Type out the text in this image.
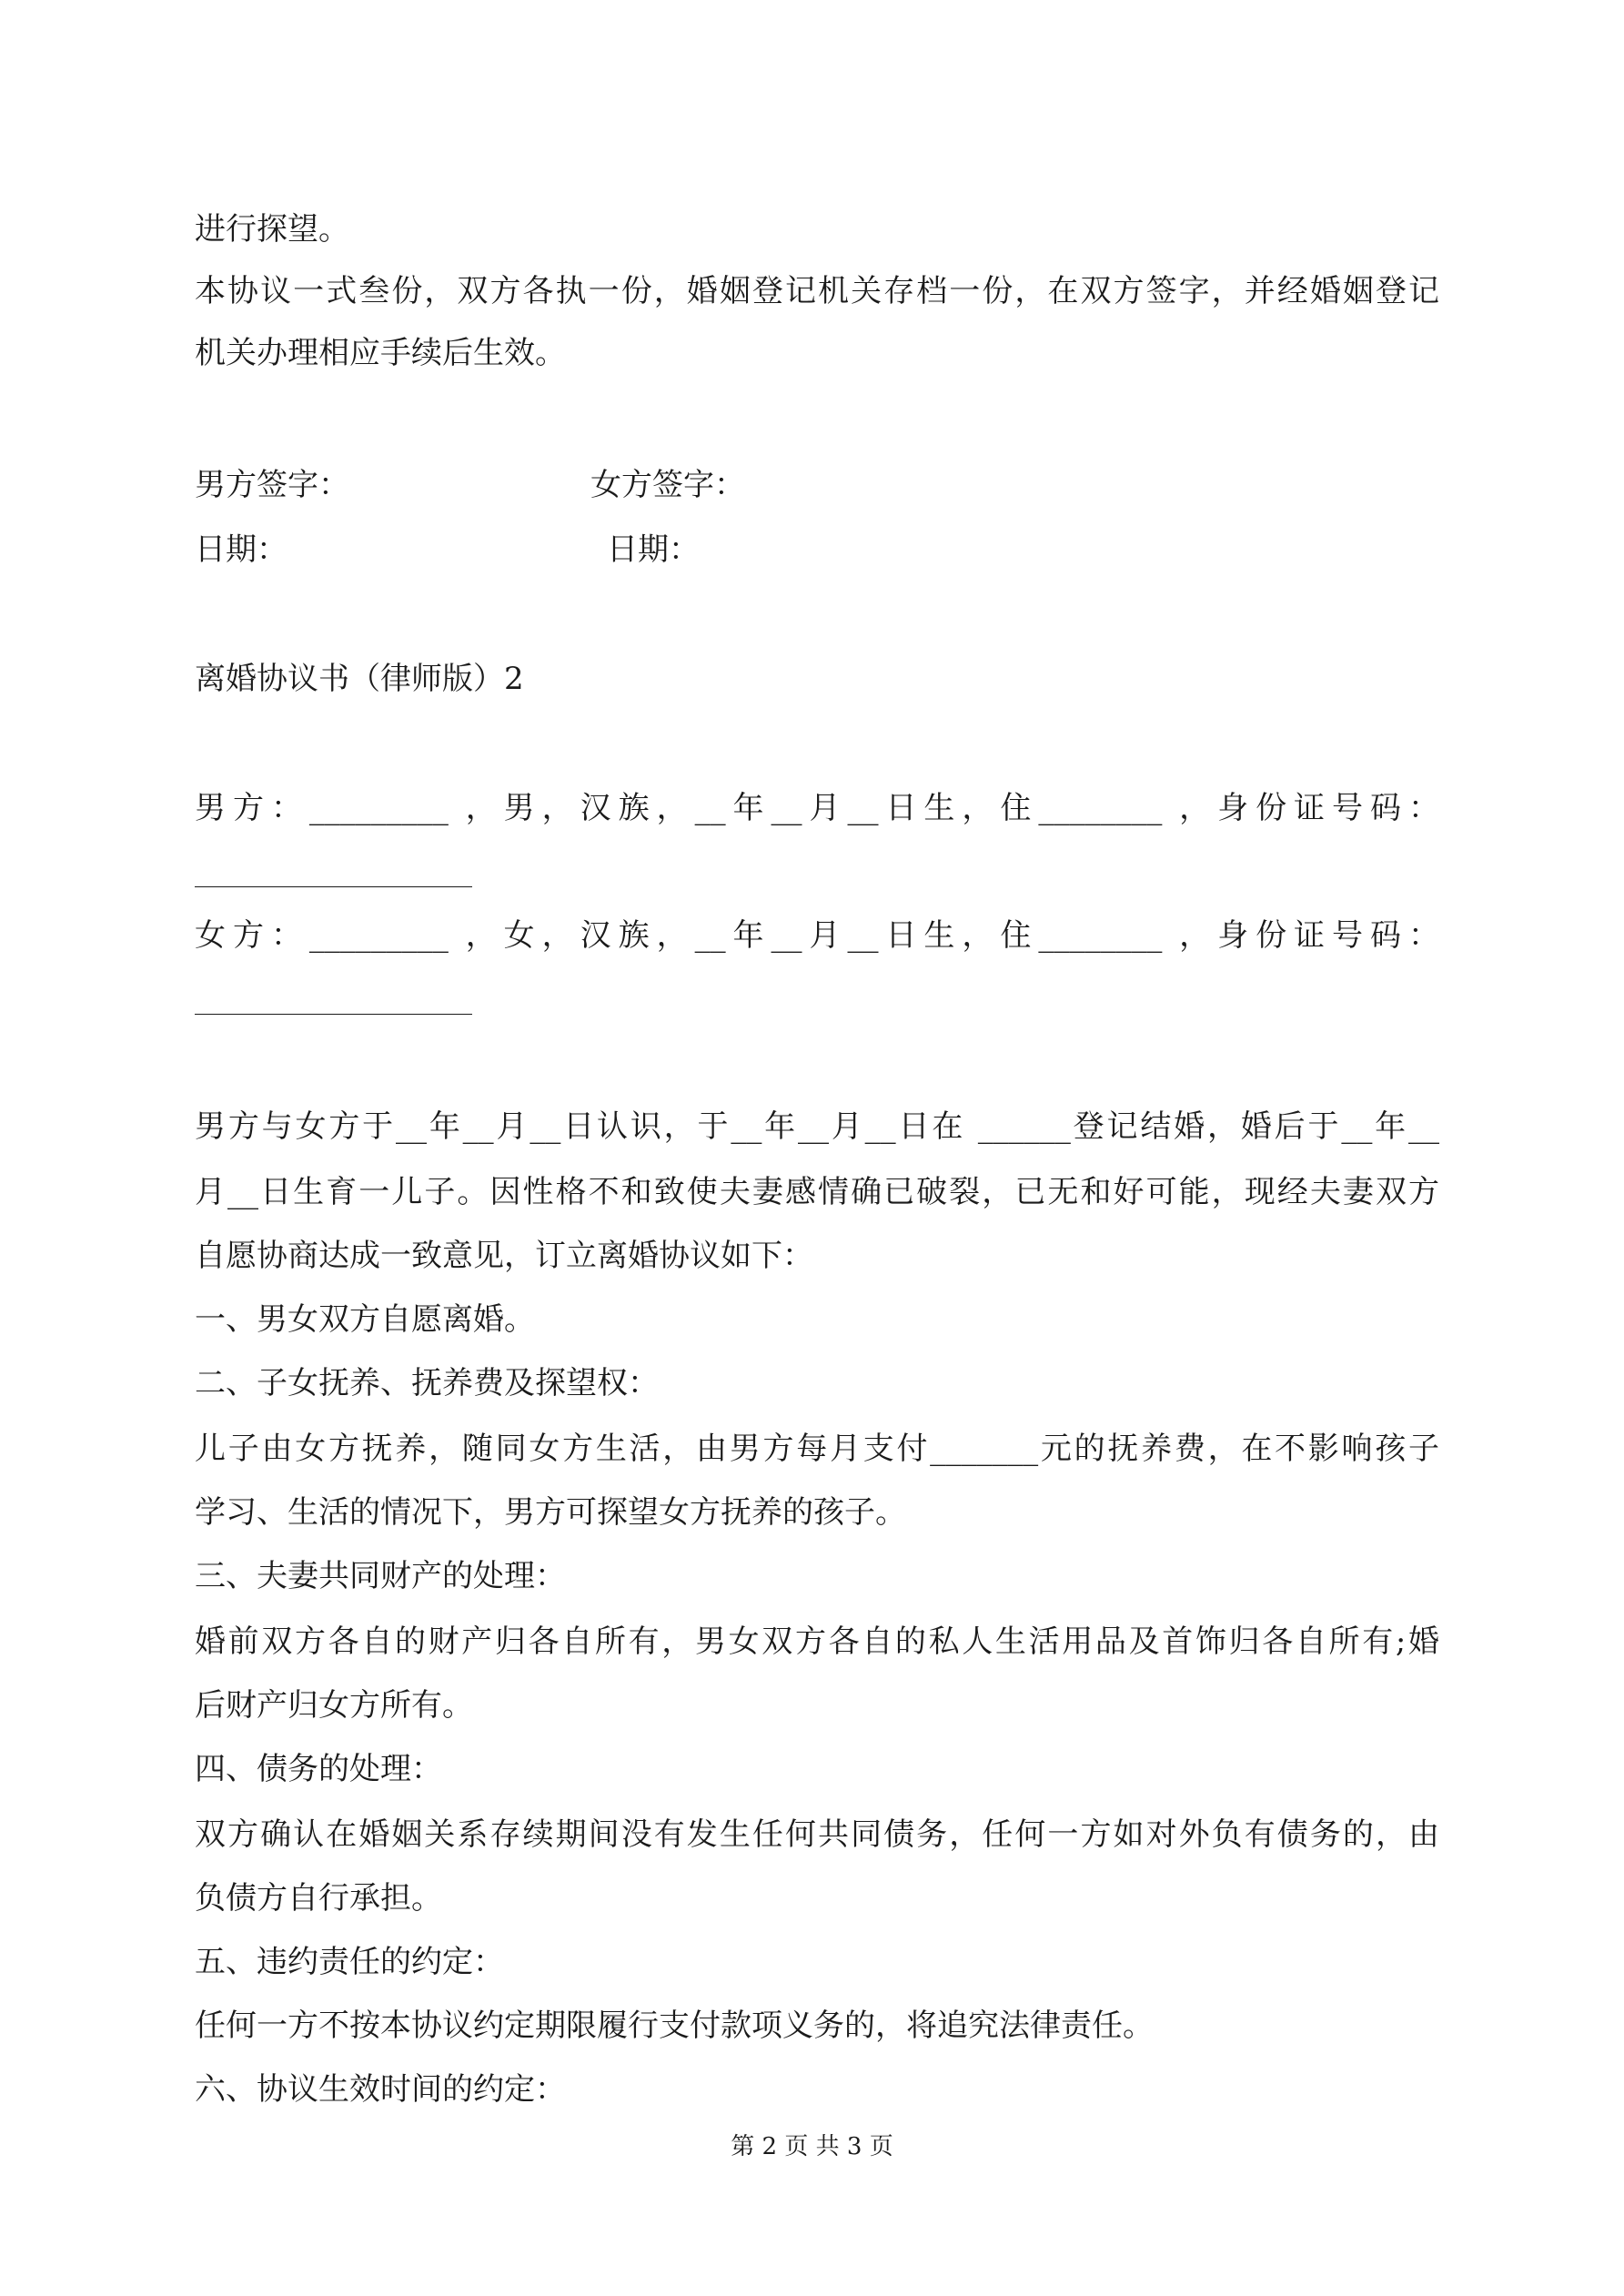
进行探望。

本协议一式叁份，双方各执一份，婚姻登记机关存档一份，在双方签字，并经婚姻登记

机关办理相应手续后生效。

男方签字：	女方签字：

日期：	日期：

离婚协议书（律师版）2

男方：_________ ，男，汉族，__年__月__日生，住________ ，身份证号码：

女方：_________ ，女，汉族，__年__月__日生，住________ ，身份证号码：

男方与女方于__年__月__日认识，于__年__月__日在 ______登记结婚，婚后于__年__

月__日生育一儿子。因性格不和致使夫妻感情确已破裂，已无和好可能，现经夫妻双方

自愿协商达成一致意见，订立离婚协议如下：

一、男女双方自愿离婚。

二、子女抚养、抚养费及探望权：

儿子由女方抚养，随同女方生活，由男方每月支付_______元的抚养费，在不影响孩子

学习、生活的情况下，男方可探望女方抚养的孩子。

三、夫妻共同财产的处理：

婚前双方各自的财产归各自所有，男女双方各自的私人生活用品及首饰归各自所有;婚

后财产归女方所有。

四、债务的处理：

双方确认在婚姻关系存续期间没有发生任何共同债务，任何一方如对外负有债务的，由

负债方自行承担。

五、违约责任的约定：

任何一方不按本协议约定期限履行支付款项义务的，将追究法律责任。

六、协议生效时间的约定：

第 2 页 共 3 页
